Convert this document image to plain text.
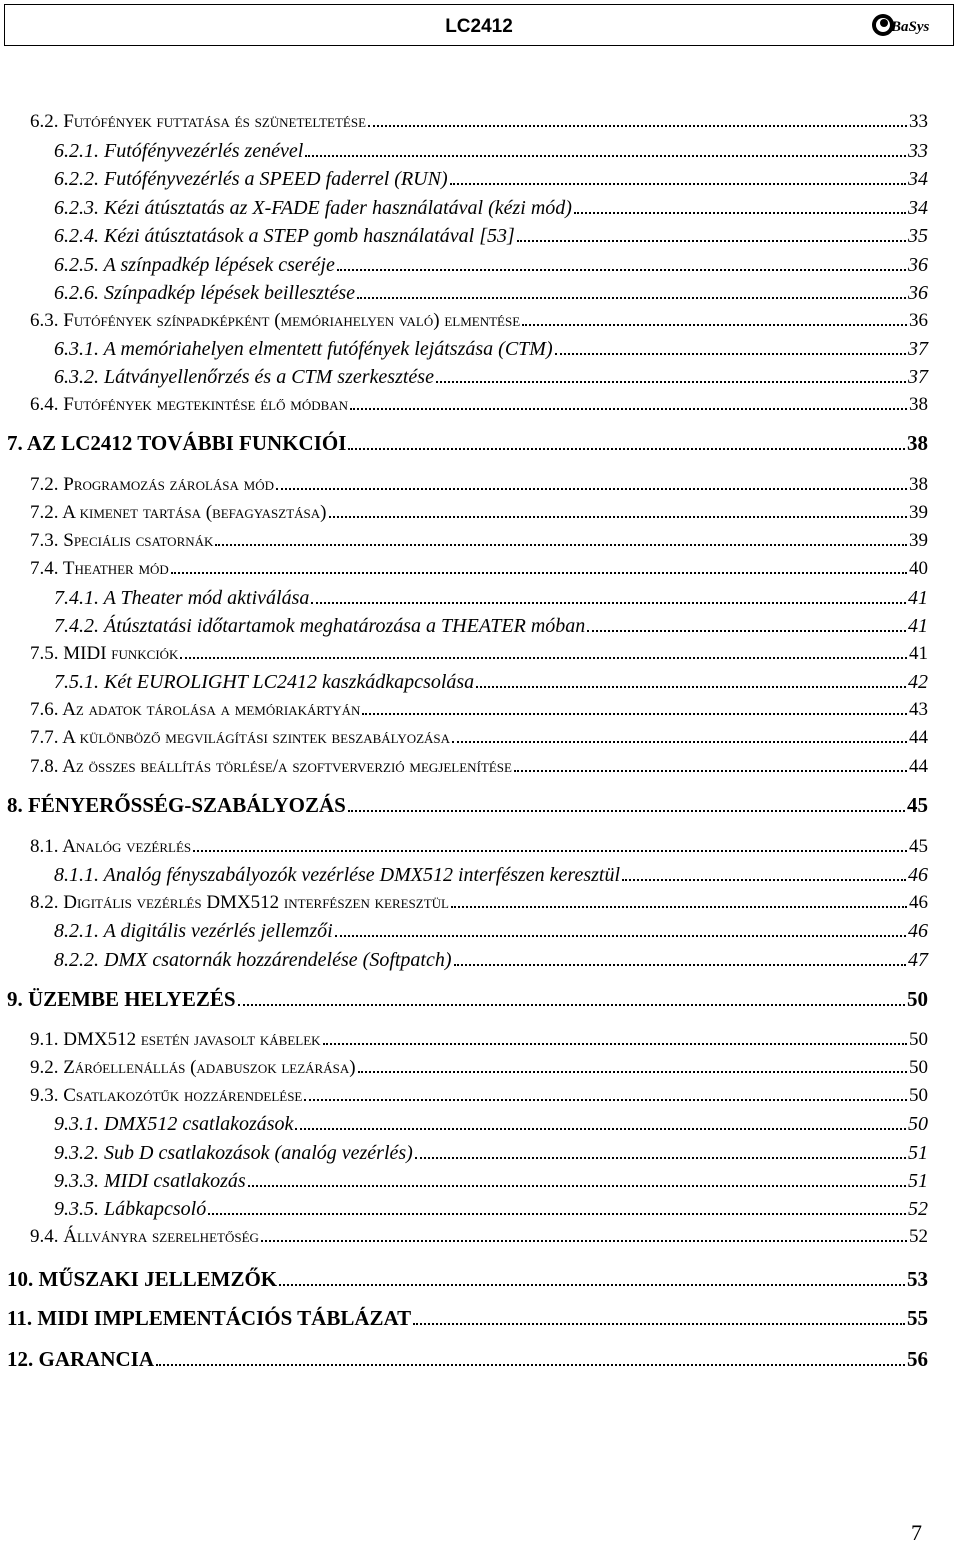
LC2412	BaSys
6.2. Futófények futtatása és szüneteltetése	33
6.2.1. Futófényvezérlés zenével	33
6.2.2. Futófényvezérlés a SPEED faderrel (RUN)	34
6.2.3. Kézi átúsztatás az X-FADE fader használatával (kézi mód)	34
6.2.4. Kézi átúsztatások a STEP gomb használatával [53]	35
6.2.5. A színpadkép lépések cseréje	36
6.2.6. Színpadkép lépések beillesztése	36
6.3. Futófények színpadképként (memóriahelyen való) elmentése	36
6.3.1. A memóriahelyen elmentett futófények lejátszása (CTM)	37
6.3.2. Látványellenőrzés és a CTM szerkesztése	37
6.4. Futófények megtekintése élő módban	38
7. AZ LC2412 TOVÁBBI FUNKCIÓI	38
7.2. Programozás zárolása mód	38
7.2. A kimenet tartása (befagyasztása)	39
7.3. Speciális csatornák	39
7.4. Theather mód	40
7.4.1. A Theater mód aktiválása	41
7.4.2. Átúsztatási időtartamok meghatározása a THEATER móban	41
7.5. MIDI funkciók	41
7.5.1. Két EUROLIGHT LC2412 kaszkádkapcsolása	42
7.6. Az adatok tárolása a memóriakártyán	43
7.7. A különböző megvilágítási szintek beszabályozása	44
7.8. Az összes beállítás törlése/a szoftververzió megjelenítése	44
8. FÉNYERŐSSÉG-SZABÁLYOZÁS	45
8.1. Analóg vezérlés	45
8.1.1. Analóg fényszabályozók vezérlése DMX512 interfészen keresztül	46
8.2. Digitális vezérlés DMX512 interfészen keresztül	46
8.2.1. A digitális vezérlés jellemzői	46
8.2.2. DMX csatornák hozzárendelése (Softpatch)	47
9. ÜZEMBE HELYEZÉS	50
9.1. DMX512 esetén javasolt kábelek	50
9.2. Záróellenállás (adabuszok lezárása)	50
9.3. Csatlakozótűk hozzárendelése	50
9.3.1. DMX512 csatlakozások	50
9.3.2. Sub D csatlakozások (analóg vezérlés)	51
9.3.3. MIDI csatlakozás	51
9.3.5. Lábkapcsoló	52
9.4. Állványra szerelhetőség	52
10. MŰSZAKI JELLEMZŐK	53
11. MIDI IMPLEMENTÁCIÓS TÁBLÁZAT	55
12. GARANCIA	56
7
